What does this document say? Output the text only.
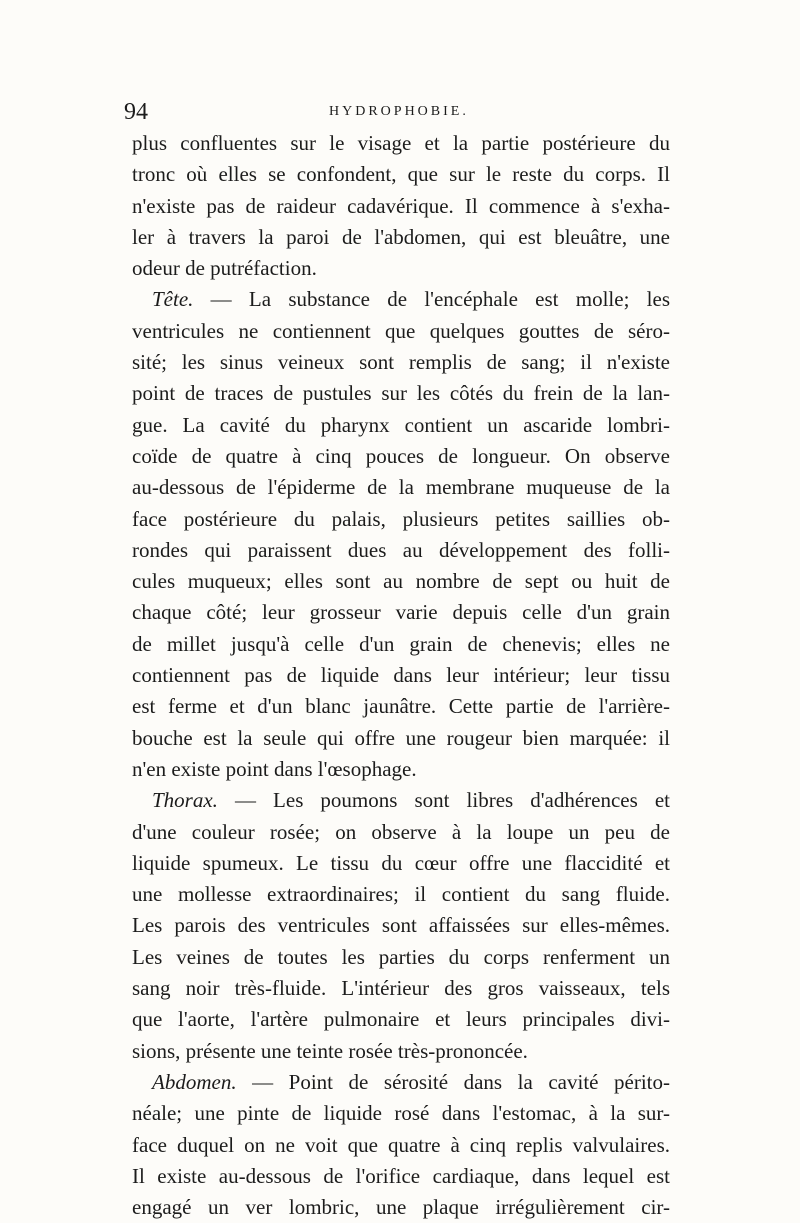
94	HYDROPHOBIE.
plus confluentes sur le visage et la partie postérieure du
tronc où elles se confondent, que sur le reste du corps. Il
n'existe pas de raideur cadavérique. Il commence à s'exha-
ler à travers la paroi de l'abdomen, qui est bleuâtre, une
odeur de putréfaction.
Tête. — La substance de l'encéphale est molle; les
ventricules ne contiennent que quelques gouttes de séro-
sité; les sinus veineux sont remplis de sang; il n'existe
point de traces de pustules sur les côtés du frein de la lan-
gue. La cavité du pharynx contient un ascaride lombri-
coïde de quatre à cinq pouces de longueur. On observe
au-dessous de l'épiderme de la membrane muqueuse de la
face postérieure du palais, plusieurs petites saillies ob-
rondes qui paraissent dues au développement des folli-
cules muqueux; elles sont au nombre de sept ou huit de
chaque côté; leur grosseur varie depuis celle d'un grain
de millet jusqu'à celle d'un grain de chenevis; elles ne
contiennent pas de liquide dans leur intérieur; leur tissu
est ferme et d'un blanc jaunâtre. Cette partie de l'arrière-
bouche est la seule qui offre une rougeur bien marquée: il
n'en existe point dans l'œsophage.
Thorax. — Les poumons sont libres d'adhérences et
d'une couleur rosée; on observe à la loupe un peu de
liquide spumeux. Le tissu du cœur offre une flaccidité et
une mollesse extraordinaires; il contient du sang fluide.
Les parois des ventricules sont affaissées sur elles-mêmes.
Les veines de toutes les parties du corps renferment un
sang noir très-fluide. L'intérieur des gros vaisseaux, tels
que l'aorte, l'artère pulmonaire et leurs principales divi-
sions, présente une teinte rosée très-prononcée.
Abdomen. — Point de sérosité dans la cavité périto-
néale; une pinte de liquide rosé dans l'estomac, à la sur-
face duquel on ne voit que quatre à cinq replis valvulaires.
Il existe au-dessous de l'orifice cardiaque, dans lequel est
engagé un ver lombric, une plaque irrégulièrement cir-
